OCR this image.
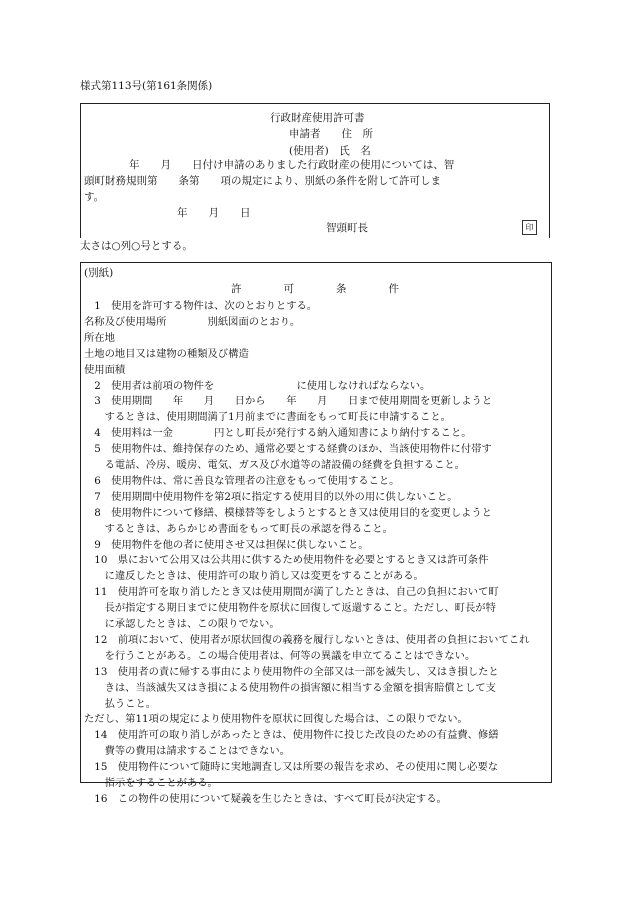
様式第113号(第161条関係)
行政財産使用許可書
申請者　　住　所
(使用者)　氏　名
年　　月　　日付け申請のありました行政財産の使用については、智
頭町財務規則第　　条第　　項の規定により、別紙の条件を附して許可しま
す。
年　　月　　日
智頭町長	印
太さは○列○号とする。
(別紙)
許　　　　可　　　　条　　　　件
　1　使用を許可する物件は、次のとおりとする。
名称及び使用場所　　　　別紙図面のとおり。
所在地
土地の地目又は建物の種類及び構造
使用面積
　2　使用者は前項の物件を　　　　　　　　に使用しなければならない。
　3　使用期間　　年　　月　　日から　　年　　月　　日まで使用期間を更新しようと
　　するときは、使用期間満了1月前までに書面をもって町長に申請すること。
　4　使用料は一金　　　　円とし町長が発行する納入通知書により納付すること。
　5　使用物件は、維持保存のため、通常必要とする経費のほか、当該使用物件に付帯す
　　る電話、冷房、暖房、電気、ガス及び水道等の諸設備の経費を負担すること。
　6　使用物件は、常に善良な管理者の注意をもって使用すること。
　7　使用期間中使用物件を第2項に指定する使用目的以外の用に供しないこと。
　8　使用物件について修繕、模様替等をしようとするとき又は使用目的を変更しようと
　　するときは、あらかじめ書面をもって町長の承認を得ること。
　9　使用物件を他の者に使用させ又は担保に供しないこと。
　10　県において公用又は公共用に供するため使用物件を必要とするとき又は許可条件
　　に違反したときは、使用許可の取り消し又は変更をすることがある。
　11　使用許可を取り消したとき又は使用期間が満了したときは、自己の負担において町
　　長が指定する期日までに使用物件を原状に回復して返還すること。ただし、町長が特
　　に承認したときは、この限りでない。
　12　前項において、使用者が原状回復の義務を履行しないときは、使用者の負担においてこれ
　　を行うことがある。この場合使用者は、何等の異議を申立てることはできない。
　13　使用者の責に帰する事由により使用物件の全部又は一部を滅失し、又はき損したと
　　きは、当該滅失又はき損による使用物件の損害額に相当する金額を損害賠償として支
　　払うこと。
ただし、第11項の規定により使用物件を原状に回復した場合は、この限りでない。
　14　使用許可の取り消しがあったときは、使用物件に投じた改良のための有益費、修繕
　　費等の費用は請求することはできない。
　15　使用物件について随時に実地調査し又は所要の報告を求め、その使用に関し必要な
　　指示をすることがある。
　16　この物件の使用について疑義を生じたときは、すべて町長が決定する。
